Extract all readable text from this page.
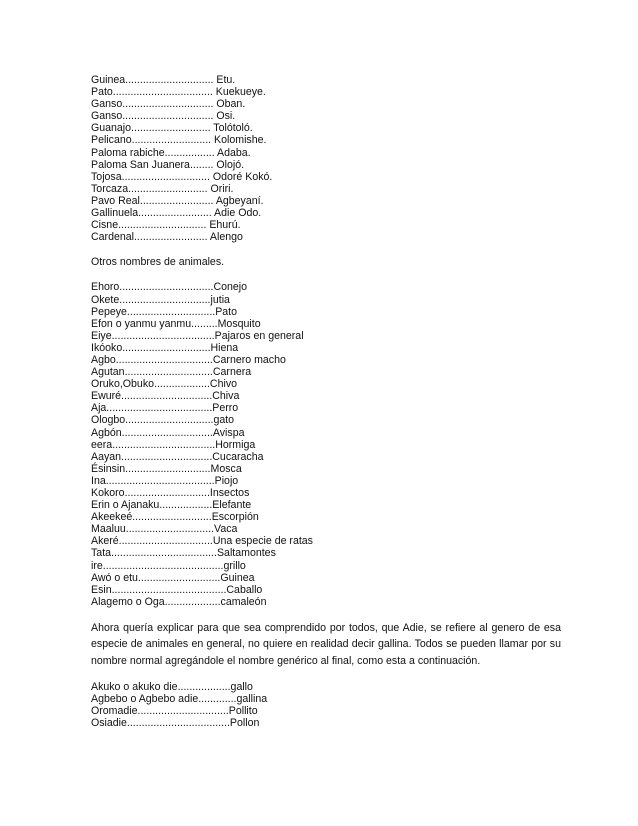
Guinea.............................. Etu.
Pato.................................. Kuekueye.
Ganso............................... Oban.
Ganso............................... Osi.
Guanajo........................... Tolótoló.
Pelicano........................... Kolomishe.
Paloma rabiche................. Adaba.
Paloma San Juanera........ Olojó.
Tojosa.............................. Odoré Kokó.
Torcaza........................... Oriri.
Pavo Real......................... Agbeyaní.
Gallinuela......................... Adie Odo.
Cisne.............................. Ehurú.
Cardenal......................... Alengo
Otros nombres de animales.
Ehoro................................Conejo
Okete...............................jutia
Pepeye..............................Pato
Efon o yanmu yanmu.........Mosquito
Eiye...................................Pajaros en general
Ikóoko..............................Hiena
Agbo.................................Carnero macho
Agutan..............................Carnera
Oruko,Obuko...................Chivo
Ewuré...............................Chiva
Aja....................................Perro
Ologbo..............................gato
Agbón...............................Avispa
eera...................................Hormiga
Aayan...............................Cucaracha
Ésinsin.............................Mosca
Ina.....................................Piojo
Kokoro.............................Insectos
Erin o Ajanaku..................Elefante
Akeekeé...........................Escorpión
Maaluu..............................Vaca
Akeré................................Una especie de ratas
Tata....................................Saltamontes
ire.........................................grillo
Awó o etu............................Guinea
Esin.......................................Caballo
Alagemo o Oga...................camaleón

Ahora quería explicar para que sea comprendido por todos, que Adie, se refiere al genero de esa especie de animales en general, no quiere en realidad decir gallina. Todos se pueden llamar por su nombre normal agregándole el nombre genérico al final, como esta a continuación.

Akuko o akuko die..................gallo
Agbebo o Agbebo adie.............gallina
Oromadie...............................Pollito
Osiadie...................................Pollon
